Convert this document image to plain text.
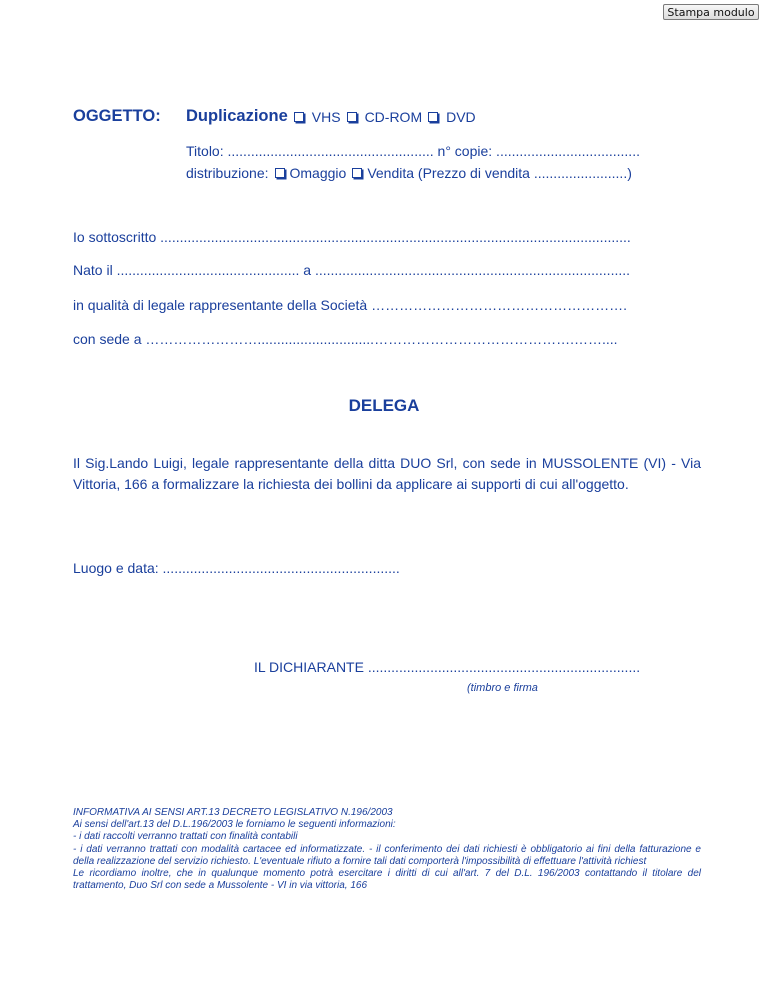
Stampa modulo
OGGETTO: Duplicazione VHS CD-ROM DVD
Titolo: ..................................................... n° copie: .....................................
distribuzione: Omaggio Vendita (Prezzo di vendita ........................)
Io sottoscritto .........................................................................................................................
Nato il ............................................... a .................................................................................
in qualità di legale rappresentante della Società ……………………………………………….
con sede a ……………………..............................…………………………………….……....
DELEGA
Il Sig.Lando Luigi, legale rappresentante della ditta DUO Srl, con sede in MUSSOLENTE (VI) - Via Vittoria, 166 a formalizzare la richiesta dei bollini da applicare ai supporti di cui all'oggetto.
Luogo e data: .............................................................
IL DICHIARANTE ......................................................................
(timbro e firma
INFORMATIVA AI SENSI ART.13 DECRETO LEGISLATIVO N.196/2003
Ai sensi dell'art.13 del D.L.196/2003 le forniamo le seguenti informazioni:
- i dati raccolti verranno trattati con finalità contabili
- i dati verranno trattati con modalità cartacee ed informatizzate. - il conferimento dei dati richiesti è obbligatorio ai fini della fatturazione e della realizzazione del servizio richiesto. L'eventuale rifiuto a fornire tali dati comporterà l'impossibilità di effettuare l'attività richiest
Le ricordiamo inoltre, che in qualunque momento potrà esercitare i diritti di cui all'art. 7 del D.L. 196/2003 contattando il titolare del trattamento, Duo Srl con sede a Mussolente - VI in via vittoria, 166
